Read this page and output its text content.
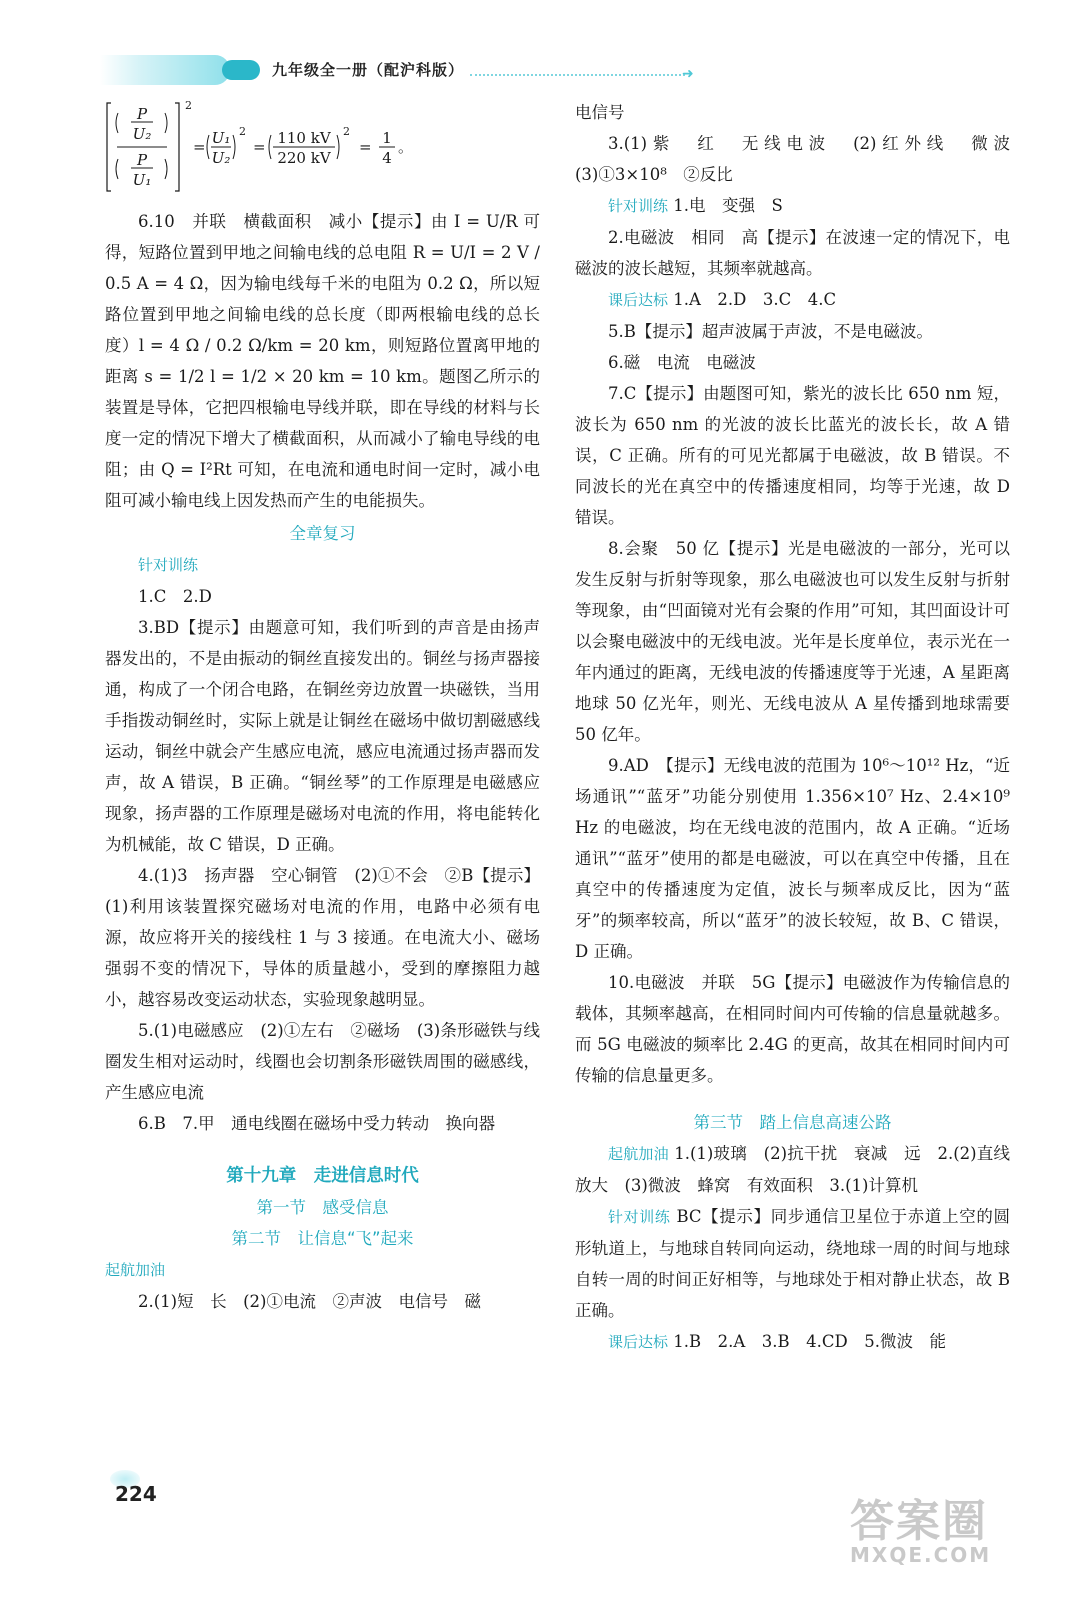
九年级全一册（配沪科版）	➜
P
U₂
P
U₁
2
= U₁
U₂
2
= 110 kV
220 kV
2
= 1
4
。

6.10　并联　横截面积　减小【提示】由 I = U/R 可得，短路位置到甲地之间输电线的总电阻 R = U/I = 2 V / 0.5 A = 4 Ω，因为输电线每千米的电阻为 0.2 Ω，所以短路位置到甲地之间输电线的总长度（即两根输电线的总长度）l = 4 Ω / 0.2 Ω/km = 20 km，则短路位置离甲地的距离 s = 1/2 l = 1/2 × 20 km = 10 km。题图乙所示的装置是导体，它把四根输电导线并联，即在导线的材料与长度一定的情况下增大了横截面积，从而减小了输电导线的电阻；由 Q = I²Rt 可知，在电流和通电时间一定时，减小电阻可减小输电线上因发热而产生的电能损失。

全章复习

针对训练

1.C　2.D

3.BD【提示】由题意可知，我们听到的声音是由扬声器发出的，不是由振动的铜丝直接发出的。铜丝与扬声器接通，构成了一个闭合电路，在铜丝旁边放置一块磁铁，当用手指拨动铜丝时，实际上就是让铜丝在磁场中做切割磁感线运动，铜丝中就会产生感应电流，感应电流通过扬声器而发声，故 A 错误，B 正确。“铜丝琴”的工作原理是电磁感应现象，扬声器的工作原理是磁场对电流的作用，将电能转化为机械能，故 C 错误，D 正确。

4.(1)3　扬声器　空心铜管　(2)①不会　②B【提示】(1)利用该装置探究磁场对电流的作用，电路中必须有电源，故应将开关的接线柱 1 与 3 接通。在电流大小、磁场强弱不变的情况下，导体的质量越小，受到的摩擦阻力越小，越容易改变运动状态，实验现象越明显。

5.(1)电磁感应　(2)①左右　②磁场　(3)条形磁铁与线圈发生相对运动时，线圈也会切割条形磁铁周围的磁感线，产生感应电流

6.B　7.甲　通电线圈在磁场中受力转动　换向器

第十九章　走进信息时代

第一节　感受信息

第二节　让信息“飞”起来

起航加油

2.(1)短　长　(2)①电流　②声波　电信号　磁

电信号

3.(1)紫　红　无线电波　(2)红外线　微波　(3)①3×10⁸　②反比

针对训练 1.电　变强　S

2.电磁波　相同　高【提示】在波速一定的情况下，电磁波的波长越短，其频率就越高。

课后达标 1.A　2.D　3.C　4.C

5.B【提示】超声波属于声波，不是电磁波。

6.磁　电流　电磁波

7.C【提示】由题图可知，紫光的波长比 650 nm 短，波长为 650 nm 的光波的波长比蓝光的波长长，故 A 错误，C 正确。所有的可见光都属于电磁波，故 B 错误。不同波长的光在真空中的传播速度相同，均等于光速，故 D 错误。

8.会聚　50 亿【提示】光是电磁波的一部分，光可以发生反射与折射等现象，那么电磁波也可以发生反射与折射等现象，由“凹面镜对光有会聚的作用”可知，其凹面设计可以会聚电磁波中的无线电波。光年是长度单位，表示光在一年内通过的距离，无线电波的传播速度等于光速，A 星距离地球 50 亿光年，则光、无线电波从 A 星传播到地球需要 50 亿年。

9.AD　【提示】无线电波的范围为 10⁶～10¹² Hz，“近场通讯”“蓝牙”功能分别使用 1.356×10⁷ Hz、2.4×10⁹ Hz 的电磁波，均在无线电波的范围内，故 A 正确。“近场通讯”“蓝牙”使用的都是电磁波，可以在真空中传播，且在真空中的传播速度为定值，波长与频率成反比，因为“蓝牙”的频率较高，所以“蓝牙”的波长较短，故 B、C 错误，D 正确。

10.电磁波　并联　5G【提示】电磁波作为传输信息的载体，其频率越高，在相同时间内可传输的信息量就越多。而 5G 电磁波的频率比 2.4G 的更高，故其在相同时间内可传输的信息量更多。

第三节　踏上信息高速公路

起航加油 1.(1)玻璃　(2)抗干扰　衰减　远　2.(2)直线　放大　(3)微波　蜂窝　有效面积　3.(1)计算机

针对训练 BC【提示】同步通信卫星位于赤道上空的圆形轨道上，与地球自转同向运动，绕地球一周的时间与地球自转一周的时间正好相等，与地球处于相对静止状态，故 B 正确。

课后达标 1.B　2.A　3.B　4.CD　5.微波　能

224
答案圈
MXQE.COM
